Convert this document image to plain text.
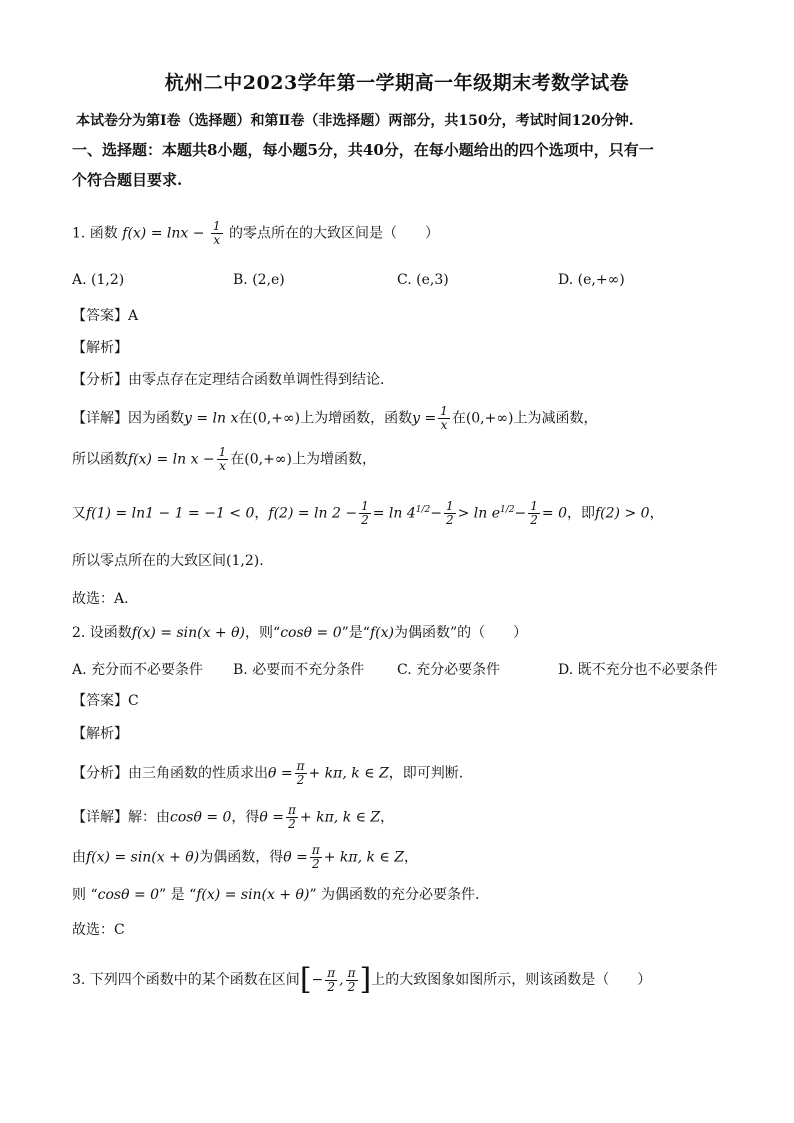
杭州二中2023学年第一学期高一年级期末考数学试卷
本试卷分为第Ⅰ卷（选择题）和第Ⅱ卷（非选择题）两部分，共150分，考试时间120分钟.
一、选择题：本题共8小题，每小题5分，共40分，在每小题给出的四个选项中，只有一
个符合题目要求.
1. 函数 $f(x) = \ln x - \frac{1}{x}$ 的零点所在的大致区间是（　　）
A. (1,2)	B. (2,e)	C. (e,3)	D. (e,+∞)
【答案】A
【解析】
【分析】由零点存在定理结合函数单调性得到结论.
【详解】因为函数y = ln x在(0,+∞)上为增函数，函数$y = \frac{1}{x}$ 在(0,+∞)上为减函数，
所以函数$f(x) = \ln x - \frac{1}{x}$ 在(0,+∞)上为增函数，
又f(1) = ln1 − 1 = −1 < 0，$f(2) = \ln 2 - \frac{1}{2} = \ln 4^{1/2}- \frac{1}{2} > \ln e^{1/2}- \frac{1}{2} = 0$，即f(2) > 0，
所以零点所在的大致区间(1,2).
故选：A.
2. 设函数f(x) = sin(x + θ)，则“cosθ = 0”是“f(x)为偶函数”的（　　）
A. 充分而不必要条件 B. 必要而不充分条件 C. 充分必要条件	D. 既不充分也不必要条件
【答案】C
【解析】
【分析】由三角函数的性质求出$\theta = \frac{\pi}{2} + k\pi$, k ∈ Z，即可判断.
【详解】解：由cosθ = 0，得$\theta = \frac{\pi}{2} + k\pi$, k ∈ Z，
由f(x) = sin(x + θ)为偶函数，得$\theta = \frac{\pi}{2} + k\pi$, k ∈ Z，
则 “cosθ = 0” 是 “f(x) = sin(x + θ)” 为偶函数的充分必要条件.
故选：C
3. 下列四个函数中的某个函数在区间[− $\frac{\pi}{2}$ , $\frac{\pi}{2}$ ]上的大致图象如图所示，则该函数是（　　）
